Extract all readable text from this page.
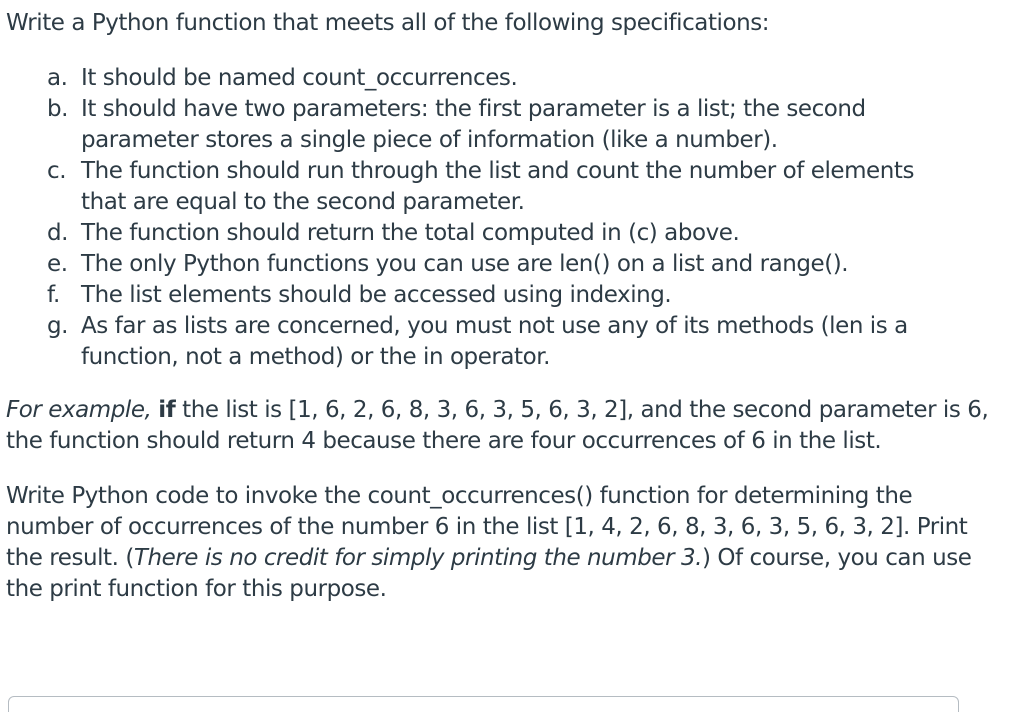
Write a Python function that meets all of the following specifications:

a. It should be named count_occurrences.
b. It should have two parameters: the first parameter is a list; the second parameter stores a single piece of information (like a number).
c. The function should run through the list and count the number of elements that are equal to the second parameter.
d. The function should return the total computed in (c) above.
e. The only Python functions you can use are len() on a list and range().
f. The list elements should be accessed using indexing.
g. As far as lists are concerned, you must not use any of its methods (len is a function, not a method) or the in operator.

For example, if the list is [1, 6, 2, 6, 8, 3, 6, 3, 5, 6, 3, 2], and the second parameter is 6, the function should return 4 because there are four occurrences of 6 in the list.

Write Python code to invoke the count_occurrences() function for determining the number of occurrences of the number 6 in the list [1, 4, 2, 6, 8, 3, 6, 3, 5, 6, 3, 2]. Print the result. (There is no credit for simply printing the number 3.) Of course, you can use the print function for this purpose.
